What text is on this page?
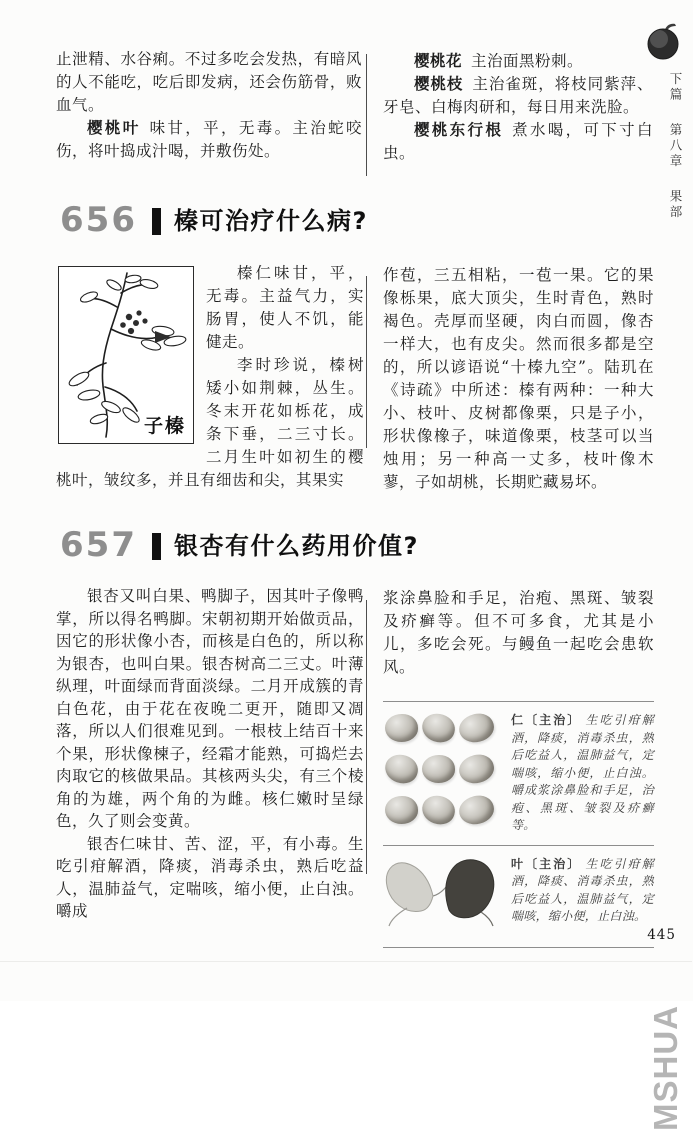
下篇 第八章 果部

止泄精、水谷痢。不过多吃会发热，有暗风的人不能吃，吃后即发病，还会伤筋骨，败血气。

樱桃叶 味甘，平，无毒。主治蛇咬伤，将叶捣成汁喝，并敷伤处。

樱桃花 主治面黑粉刺。

樱桃枝 主治雀斑，将枝同紫萍、牙皂、白梅肉研和，每日用来洗脸。

樱桃东行根 煮水喝，可下寸白虫。

656 榛可治疗什么病?
子榛

榛仁味甘，平，无毒。主益气力，实肠胃，使人不饥，能健走。

李时珍说，榛树矮小如荆棘，丛生。冬末开花如栎花，成条下垂，二三寸长。二月生叶如初生的樱桃叶，皱纹多，并且有细齿和尖，其果实

作苞，三五相粘，一苞一果。它的果像栎果，底大顶尖，生时青色，熟时褐色。壳厚而坚硬，肉白而圆，像杏一样大，也有皮尖。然而很多都是空的，所以谚语说“十榛九空”。陆玑在《诗疏》中所述：榛有两种：一种大小、枝叶、皮树都像栗，只是子小，形状像橡子，味道像栗，枝茎可以当烛用；另一种高一丈多，枝叶像木蓼，子如胡桃，长期贮藏易坏。

657 银杏有什么药用价值?

银杏又叫白果、鸭脚子，因其叶子像鸭掌，所以得名鸭脚。宋朝初期开始做贡品，因它的形状像小杏，而核是白色的，所以称为银杏，也叫白果。银杏树高二三丈。叶薄纵理，叶面绿而背面淡绿。二月开成簇的青白色花，由于花在夜晚二更开，随即又凋落，所以人们很难见到。一根枝上结百十来个果，形状像楝子，经霜才能熟，可捣烂去肉取它的核做果品。其核两头尖，有三个棱角的为雄，两个角的为雌。核仁嫩时呈绿色，久了则会变黄。

银杏仁味甘、苦、涩，平，有小毒。生吃引疳解酒，降痰，消毒杀虫，熟后吃益人，温肺益气，定喘咳，缩小便，止白浊。嚼成

浆涂鼻脸和手足，治疱、黑斑、皱裂及疥癣等。但不可多食，尤其是小儿，多吃会死。与鳗鱼一起吃会患软风。

仁〔主治〕 生吃引疳解酒，降痰，消毒杀虫，熟后吃益人，温肺益气，定喘咳，缩小便，止白浊。嚼成浆涂鼻脸和手足，治疱、黑斑、皱裂及疥癣等。
叶〔主治〕 生吃引疳解酒，降痰、消毒杀虫，熟后吃益人，温肺益气，定喘咳，缩小便，止白浊。
445
MSHUA
